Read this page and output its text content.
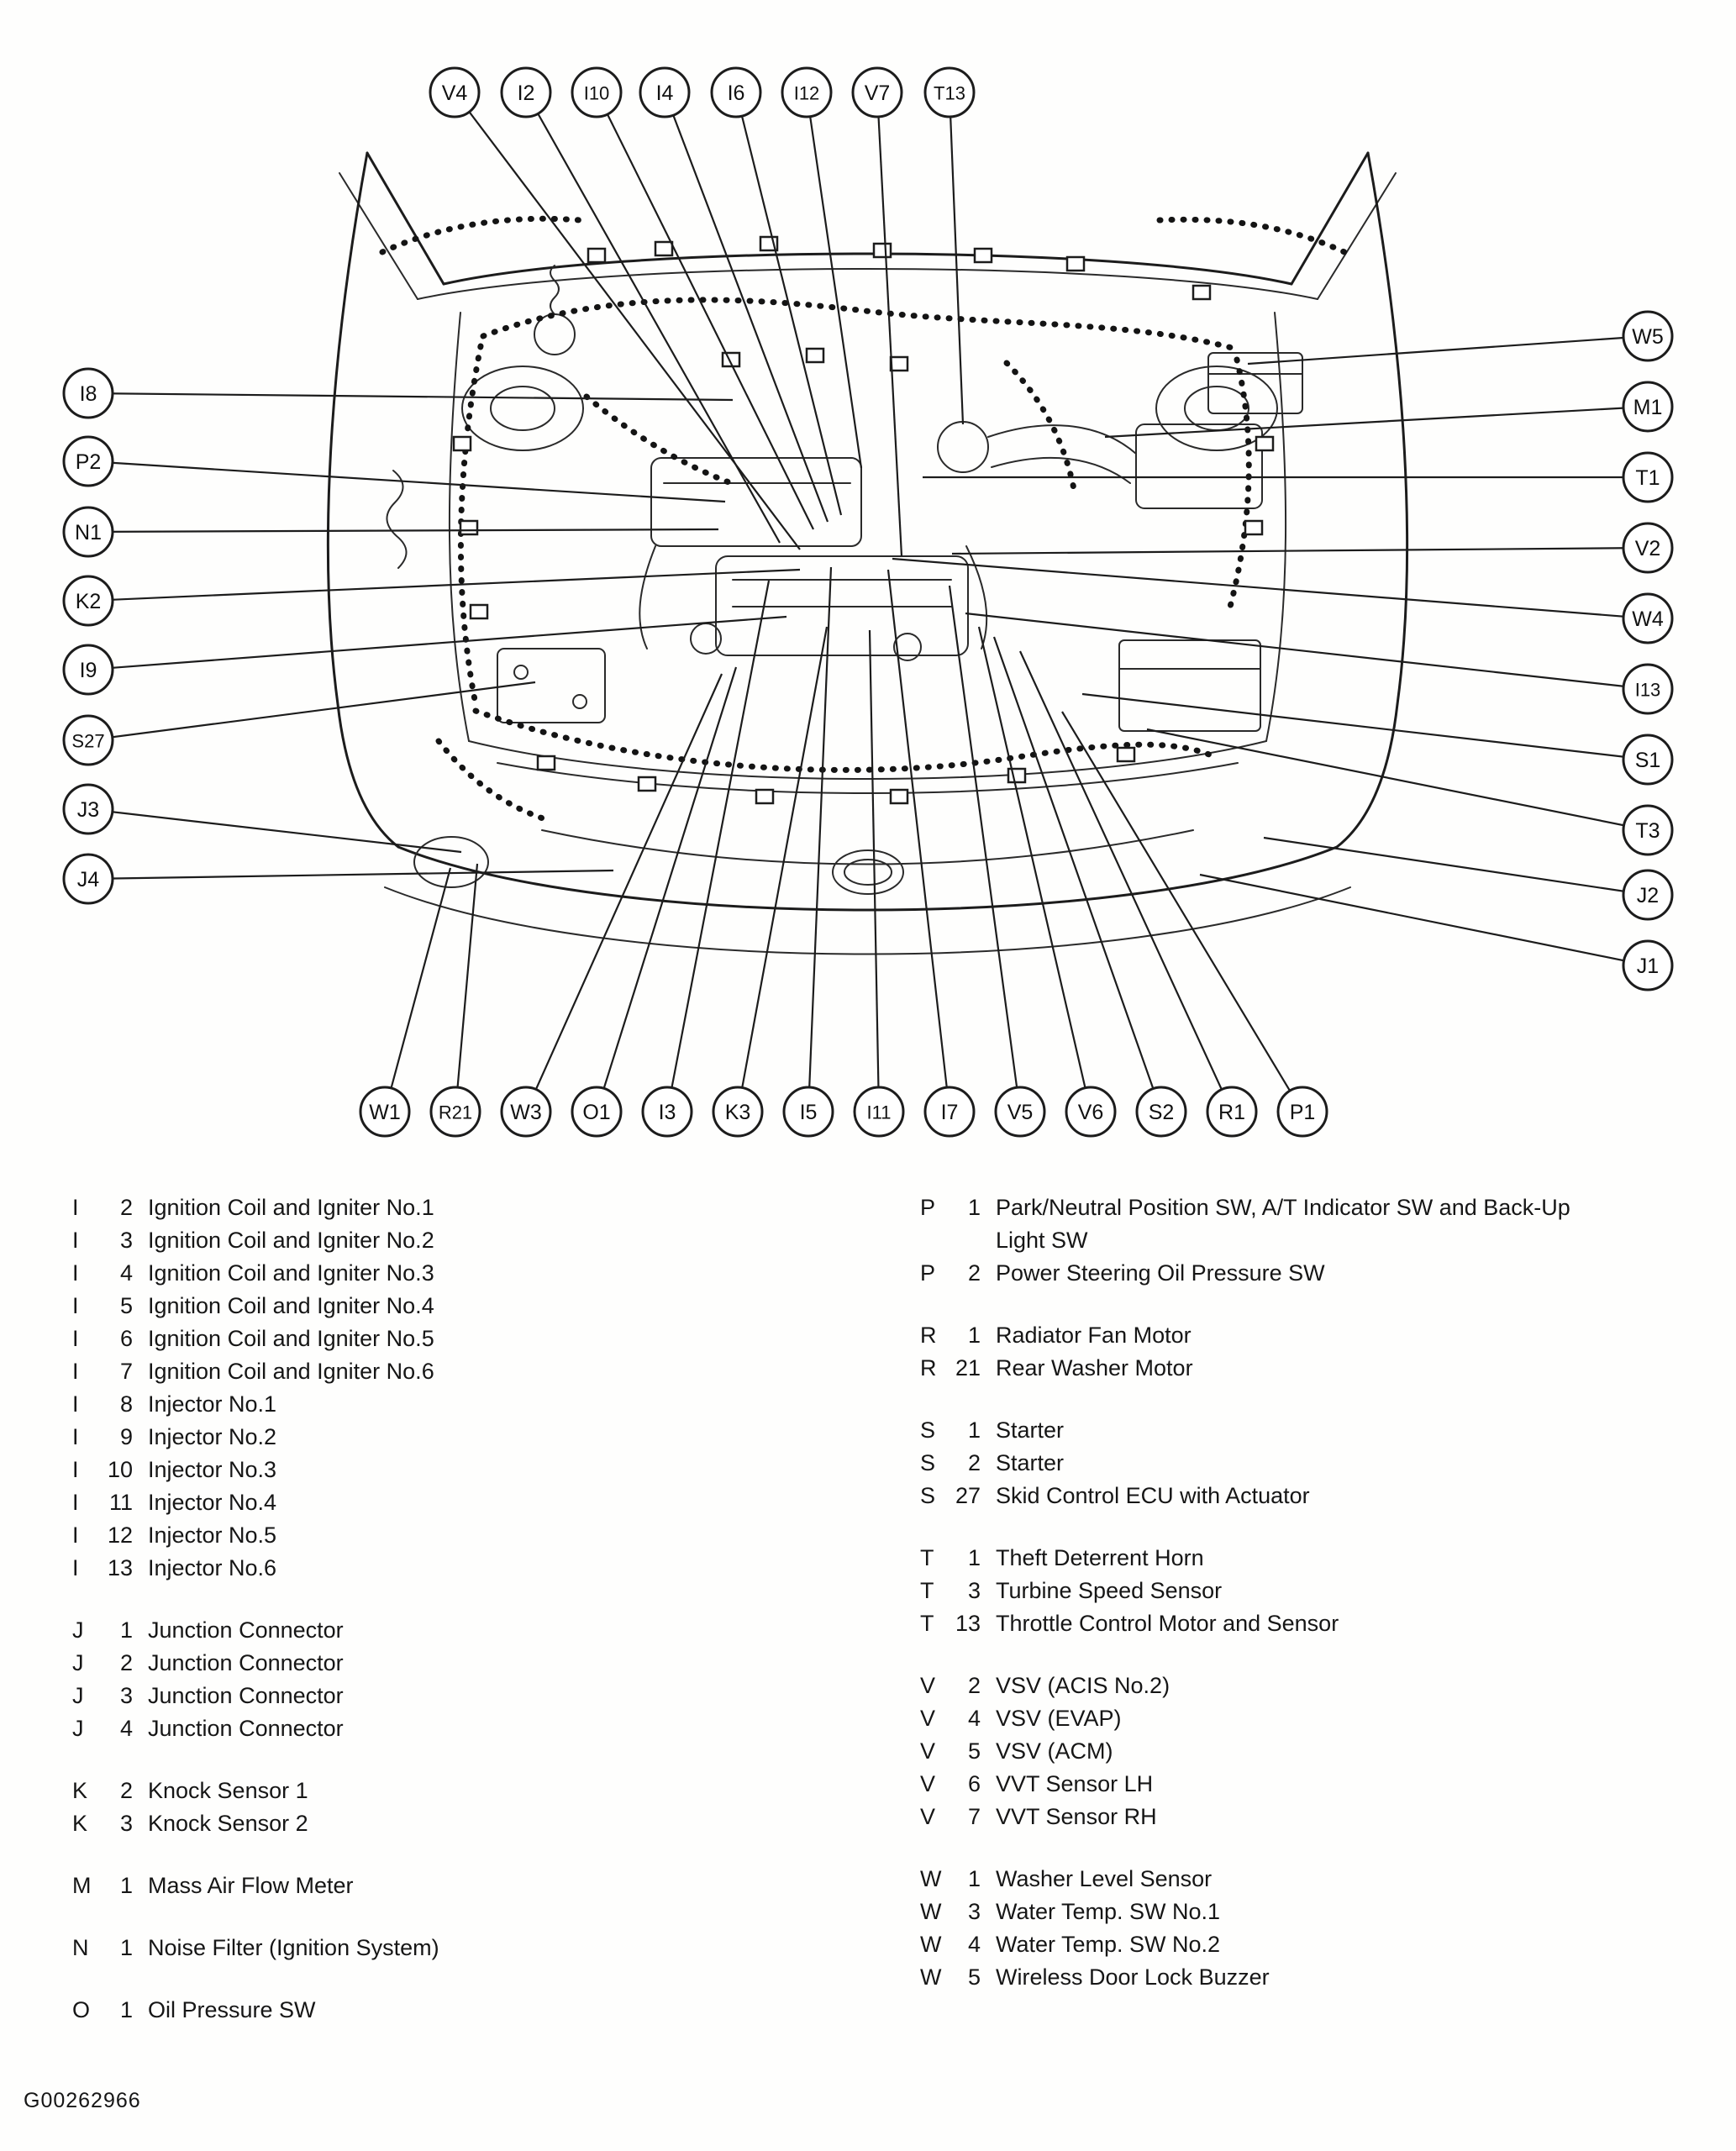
V4 I2	I10 I4	I6	I12 V7 T13
I8
P2
N1
K2
I9
S27
J3
J4
W5
M1
T1
V2
W4
I13
S1
T3
J2
J1
W1 R21 W3 O1 I3 K3 I5	I11 I7 V5 V6 S2 R1 P1
I	2 Ignition Coil and Igniter No.1
I	3 Ignition Coil and Igniter No.2
I	4 Ignition Coil and Igniter No.3
I	5 Ignition Coil and Igniter No.4
I	6 Ignition Coil and Igniter No.5
I	7 Ignition Coil and Igniter No.6
I	8 Injector No.1
I	9 Injector No.2
I	10 Injector No.3
I	11 Injector No.4
I	12 Injector No.5
I	13 Injector No.6
J	1 Junction Connector
J	2 Junction Connector
J	3 Junction Connector
J	4 Junction Connector
K	2 Knock Sensor 1
K	3 Knock Sensor 2
M	1 Mass Air Flow Meter
N	1 Noise Filter (Ignition System)
O	1 Oil Pressure SW
P	1 Park/Neutral Position SW, A/T Indicator SW and Back-Up Light SW
P	2 Power Steering Oil Pressure SW
R	1 Radiator Fan Motor
R 21 Rear Washer Motor
S	1 Starter
S	2 Starter
S 27 Skid Control ECU with Actuator
T	1 Theft Deterrent Horn
T	3 Turbine Speed Sensor
T 13 Throttle Control Motor and Sensor
V	2 VSV (ACIS No.2)
V	4 VSV (EVAP)
V	5 VSV (ACM)
V	6 VVT Sensor LH
V	7 VVT Sensor RH
W	1 Washer Level Sensor
W	3 Water Temp. SW No.1
W	4 Water Temp. SW No.2
W	5 Wireless Door Lock Buzzer
G00262966
